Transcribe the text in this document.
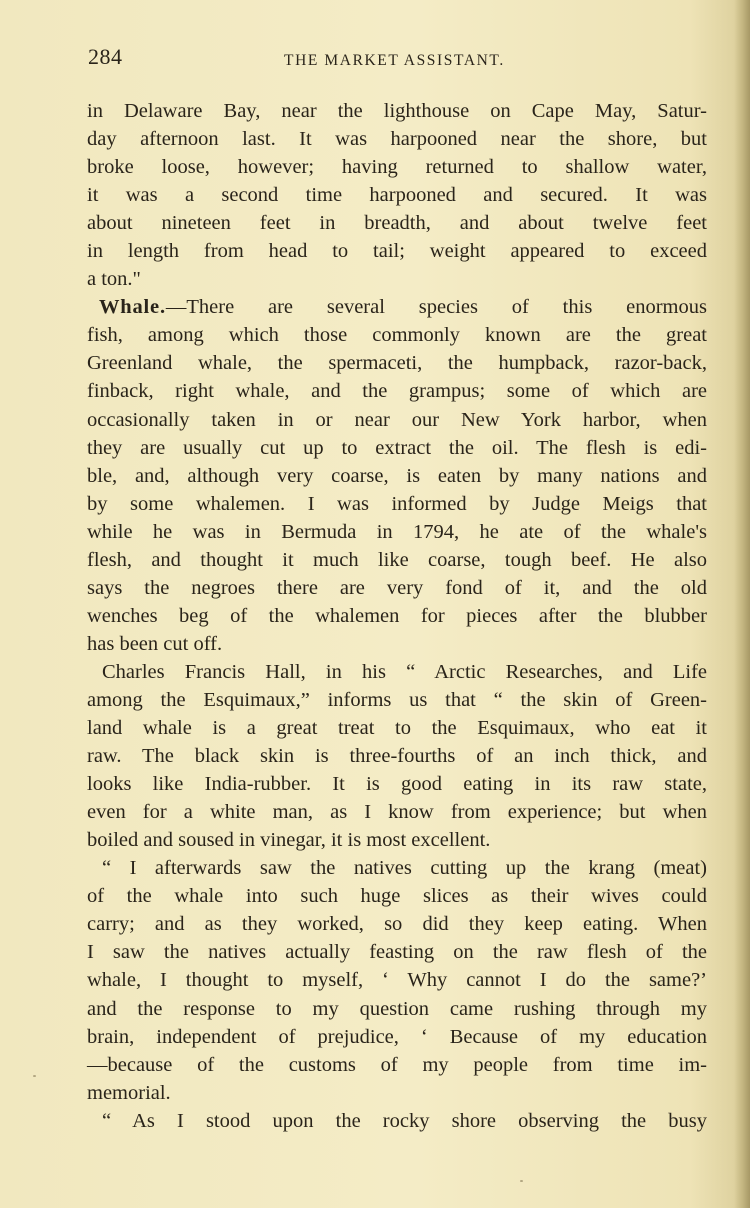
284	THE MARKET ASSISTANT.
in Delaware Bay, near the lighthouse on Cape May, Satur-
day afternoon last. It was harpooned near the shore, but
broke loose, however; having returned to shallow water,
it was a second time harpooned and secured. It was
about nineteen feet in breadth, and about twelve feet
in length from head to tail; weight appeared to exceed
a ton."
Whale.—There are several species of this enormous
fish, among which those commonly known are the great
Greenland whale, the spermaceti, the humpback, razor-back,
finback, right whale, and the grampus; some of which are
occasionally taken in or near our New York harbor, when
they are usually cut up to extract the oil. The flesh is edi-
ble, and, although very coarse, is eaten by many nations and
by some whalemen. I was informed by Judge Meigs that
while he was in Bermuda in 1794, he ate of the whale's
flesh, and thought it much like coarse, tough beef. He also
says the negroes there are very fond of it, and the old
wenches beg of the whalemen for pieces after the blubber
has been cut off.
Charles Francis Hall, in his “ Arctic Researches, and Life
among the Esquimaux,” informs us that “ the skin of Green-
land whale is a great treat to the Esquimaux, who eat it
raw. The black skin is three-fourths of an inch thick, and
looks like India-rubber. It is good eating in its raw state,
even for a white man, as I know from experience; but when
boiled and soused in vinegar, it is most excellent.
“ I afterwards saw the natives cutting up the krang (meat)
of the whale into such huge slices as their wives could
carry; and as they worked, so did they keep eating. When
I saw the natives actually feasting on the raw flesh of the
whale, I thought to myself, ‘ Why cannot I do the same?’
and the response to my question came rushing through my
brain, independent of prejudice, ‘ Because of my education
—because of the customs of my people from time im-
memorial.
“ As I stood upon the rocky shore observing the busy
